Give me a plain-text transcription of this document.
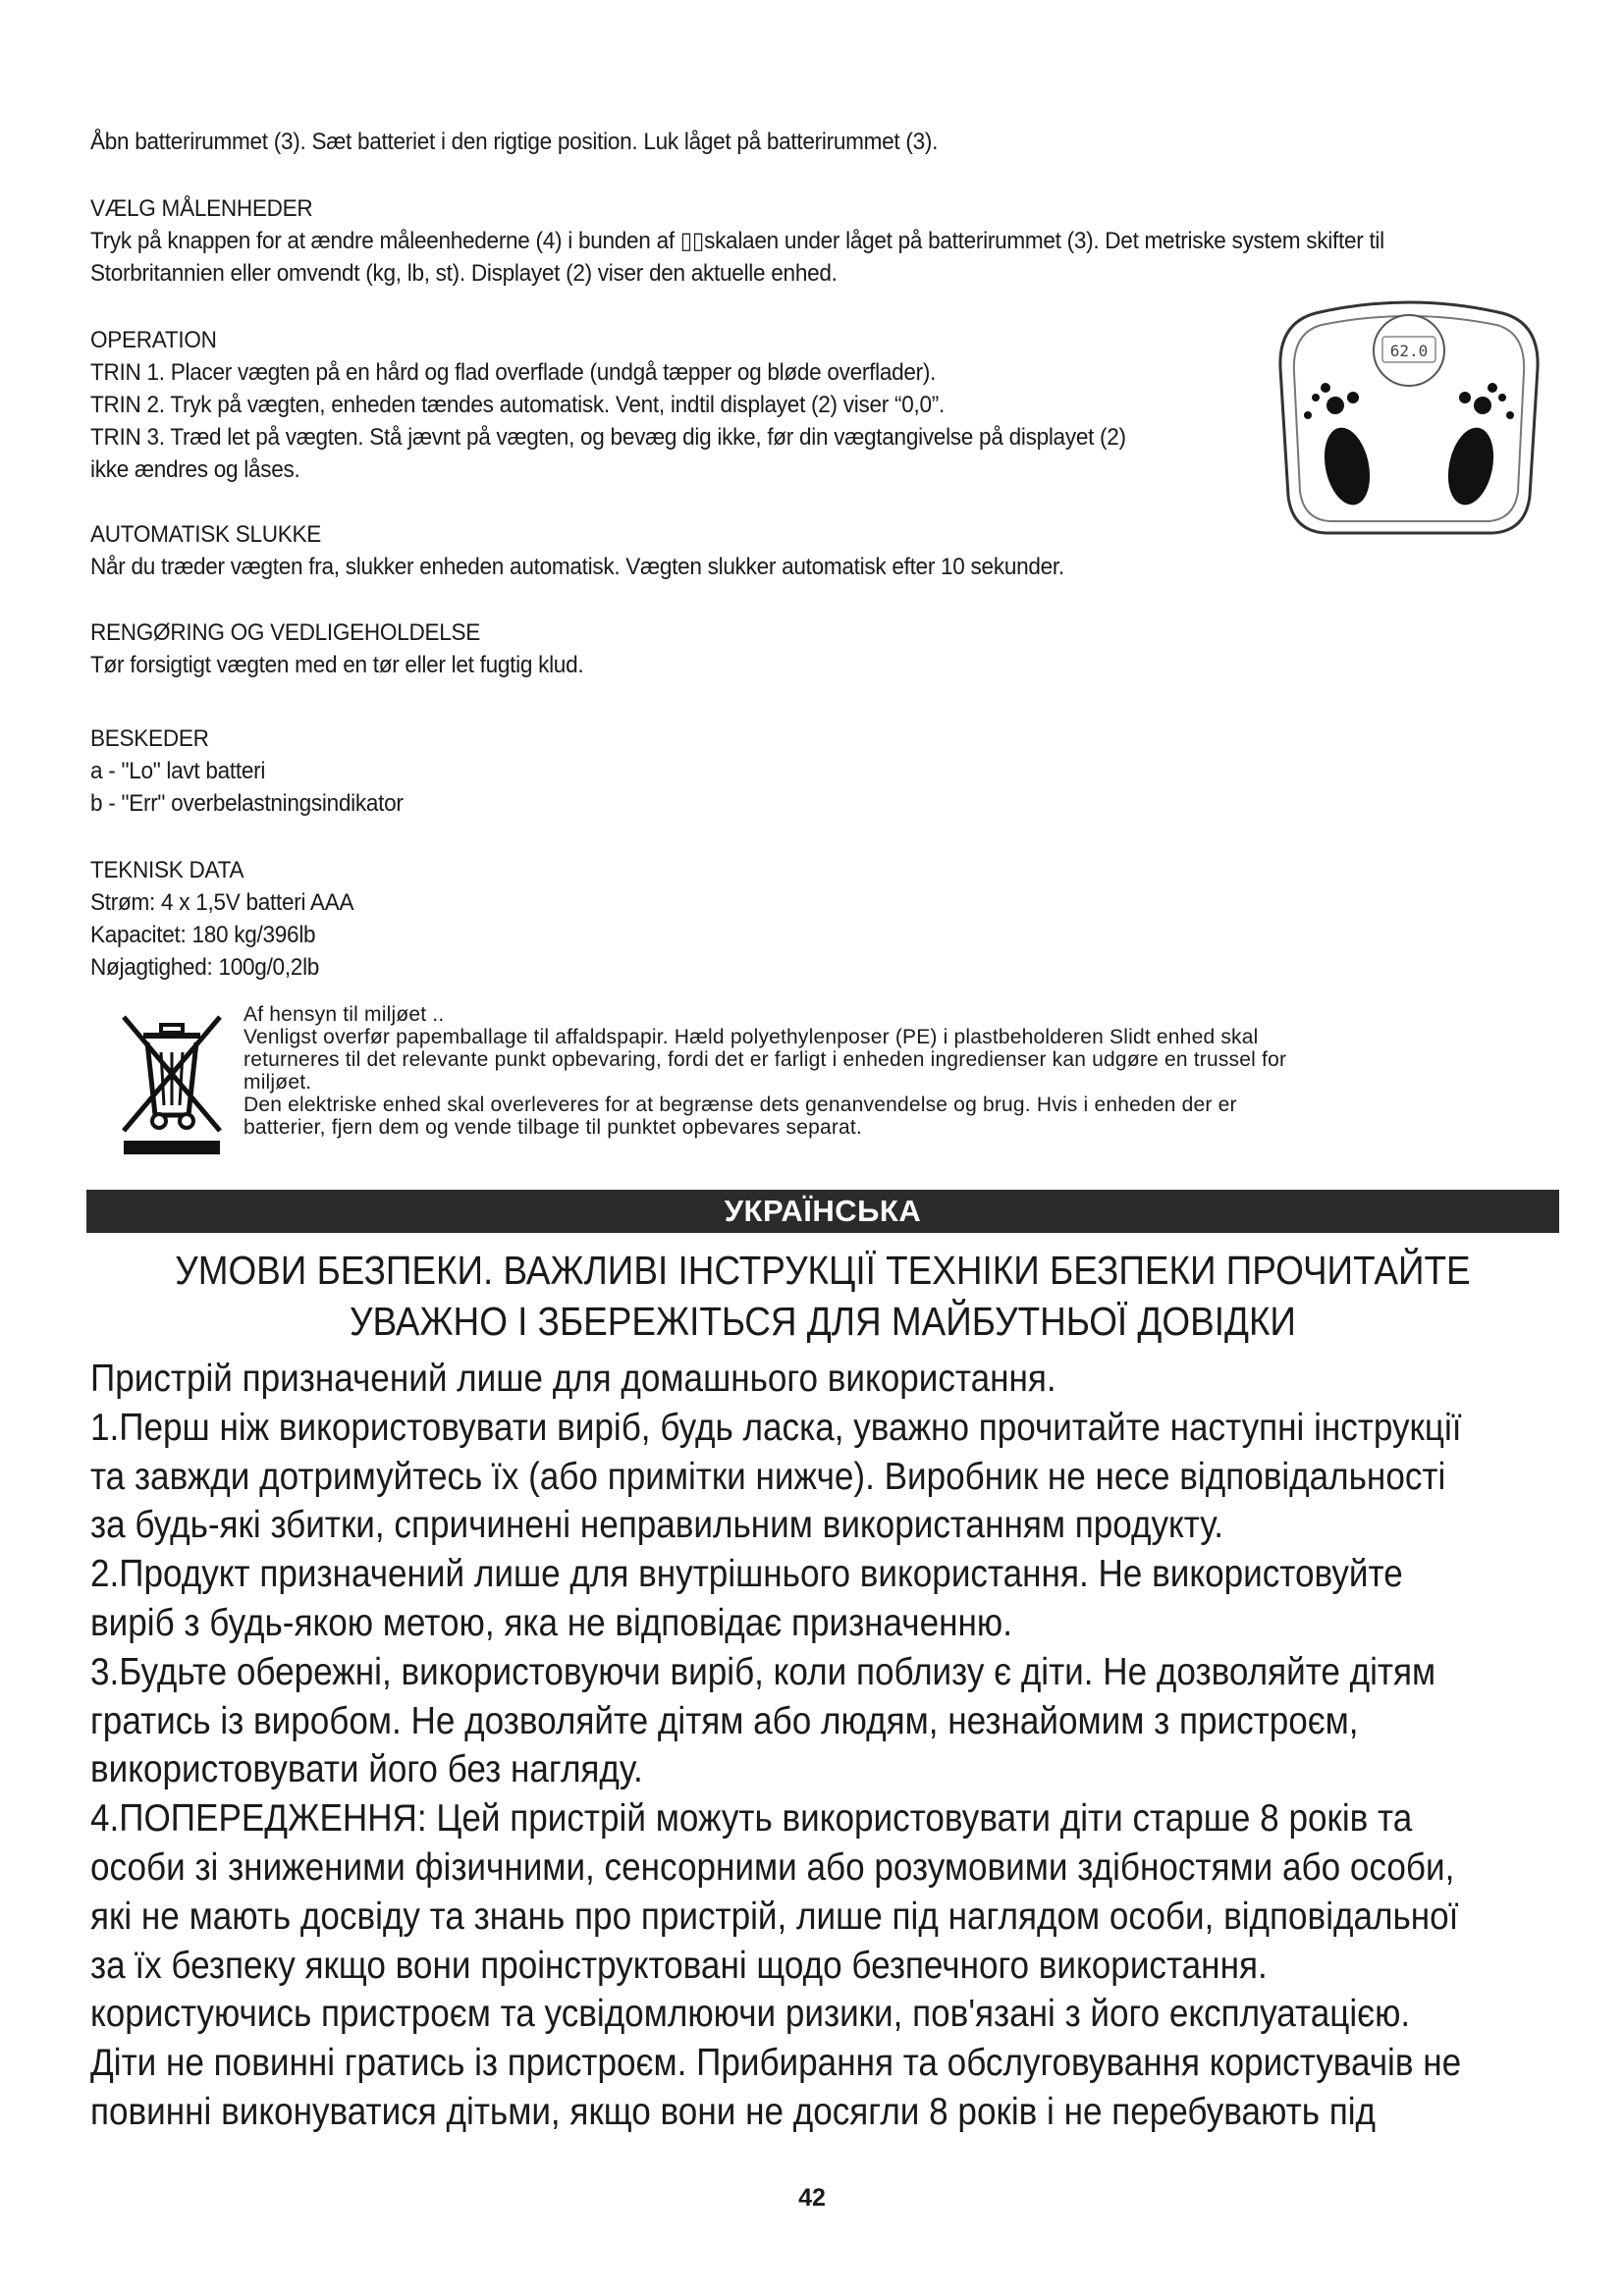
Åbn batterirummet (3). Sæt batteriet i den rigtige position. Luk låget på batterirummet (3).

VÆLG MÅLENHEDER

Tryk på knappen for at ændre måleenhederne (4) i bunden af ▯▯skalaen under låget på batterirummet (3). Det metriske system skifter til

Storbritannien eller omvendt (kg, lb, st). Displayet (2) viser den aktuelle enhed.

OPERATION

TRIN 1. Placer vægten på en hård og flad overflade (undgå tæpper og bløde overflader).

TRIN 2. Tryk på vægten, enheden tændes automatisk. Vent, indtil displayet (2) viser “0,0”.

TRIN 3. Træd let på vægten. Stå jævnt på vægten, og bevæg dig ikke, før din vægtangivelse på displayet (2)

ikke ændres og låses.

62.0

AUTOMATISK SLUKKE

Når du træder vægten fra, slukker enheden automatisk. Vægten slukker automatisk efter 10 sekunder.

RENGØRING OG VEDLIGEHOLDELSE

Tør forsigtigt vægten med en tør eller let fugtig klud.

BESKEDER

a - "Lo" lavt batteri

b - "Err" overbelastningsindikator

TEKNISK DATA

Strøm: 4 x 1,5V batteri AAA

Kapacitet: 180 kg/396lb

Nøjagtighed: 100g/0,2lb

Af hensyn til miljøet ..

Venligst overfør papemballage til affaldspapir. Hæld polyethylenposer (PE) i plastbeholderen Slidt enhed skal

returneres til det relevante punkt opbevaring, fordi det er farligt i enheden ingredienser kan udgøre en trussel for

miljøet.

Den elektriske enhed skal overleveres for at begrænse dets genanvendelse og brug. Hvis i enheden der er

batterier, fjern dem og vende tilbage til punktet opbevares separat.

УКРАЇНСЬКА

УМОВИ БЕЗПЕКИ. ВАЖЛИВІ ІНСТРУКЦІЇ ТЕХНІКИ БЕЗПЕКИ ПРОЧИТАЙТЕ

УВАЖНО І ЗБЕРЕЖІТЬСЯ ДЛЯ МАЙБУТНЬОЇ ДОВІДКИ

Пристрій призначений лише для домашнього використання.

1.Перш ніж використовувати виріб, будь ласка, уважно прочитайте наступні інструкції

та завжди дотримуйтесь їх (або примітки нижче). Виробник не несе відповідальності

за будь-які збитки, спричинені неправильним використанням продукту.

2.Продукт призначений лише для внутрішнього використання. Не використовуйте

виріб з будь-якою метою, яка не відповідає призначенню.

3.Будьте обережні, використовуючи виріб, коли поблизу є діти. Не дозволяйте дітям

гратись із виробом. Не дозволяйте дітям або людям, незнайомим з пристроєм,

використовувати його без нагляду.

4.ПОПЕРЕДЖЕННЯ: Цей пристрій можуть використовувати діти старше 8 років та

особи зі зниженими фізичними, сенсорними або розумовими здібностями або особи,

які не мають досвіду та знань про пристрій, лише під наглядом особи, відповідальної

за їх безпеку якщо вони проінструктовані щодо безпечного використання.

користуючись пристроєм та усвідомлюючи ризики, пов'язані з його експлуатацією.

Діти не повинні гратись із пристроєм. Прибирання та обслуговування користувачів не

повинні виконуватися дітьми, якщо вони не досягли 8 років і не перебувають під

42
